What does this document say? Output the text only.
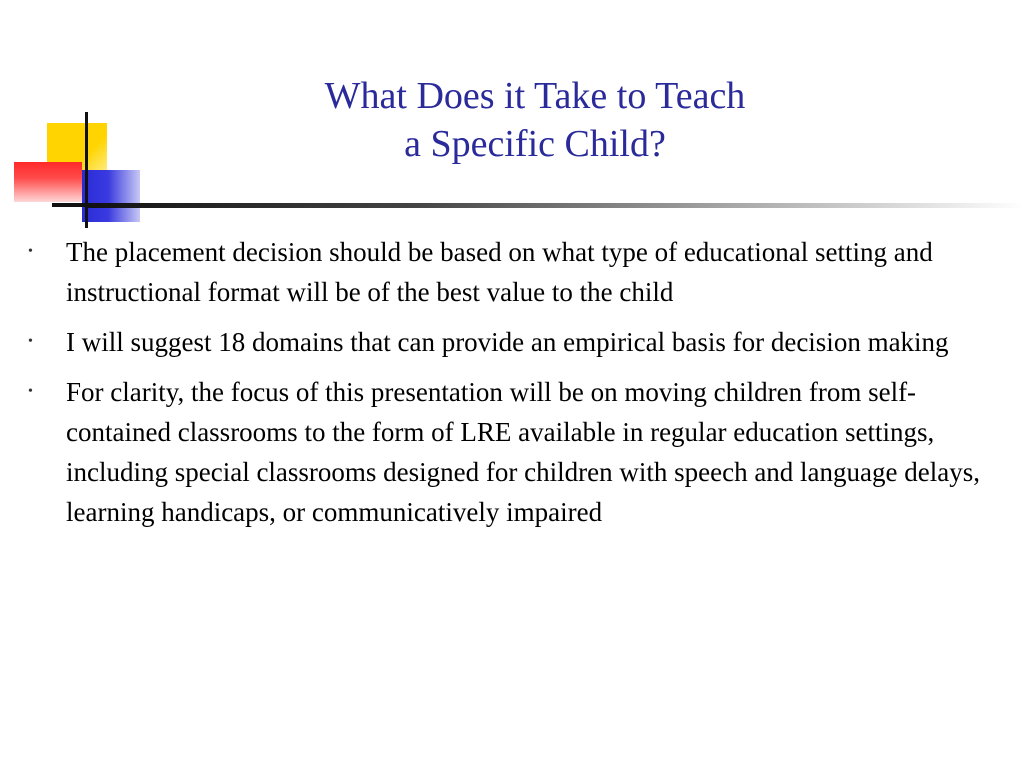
What Does it Take to Teach
a Specific Child?
• The placement decision should be based on what type of educational setting and instructional format will be of the best value to the child
• I will suggest 18 domains that can provide an empirical basis for decision making
• For clarity, the focus of this presentation will be on moving children from self-contained classrooms to the form of LRE available in regular education settings, including special classrooms designed for children with speech and language delays, learning handicaps, or communicatively impaired
